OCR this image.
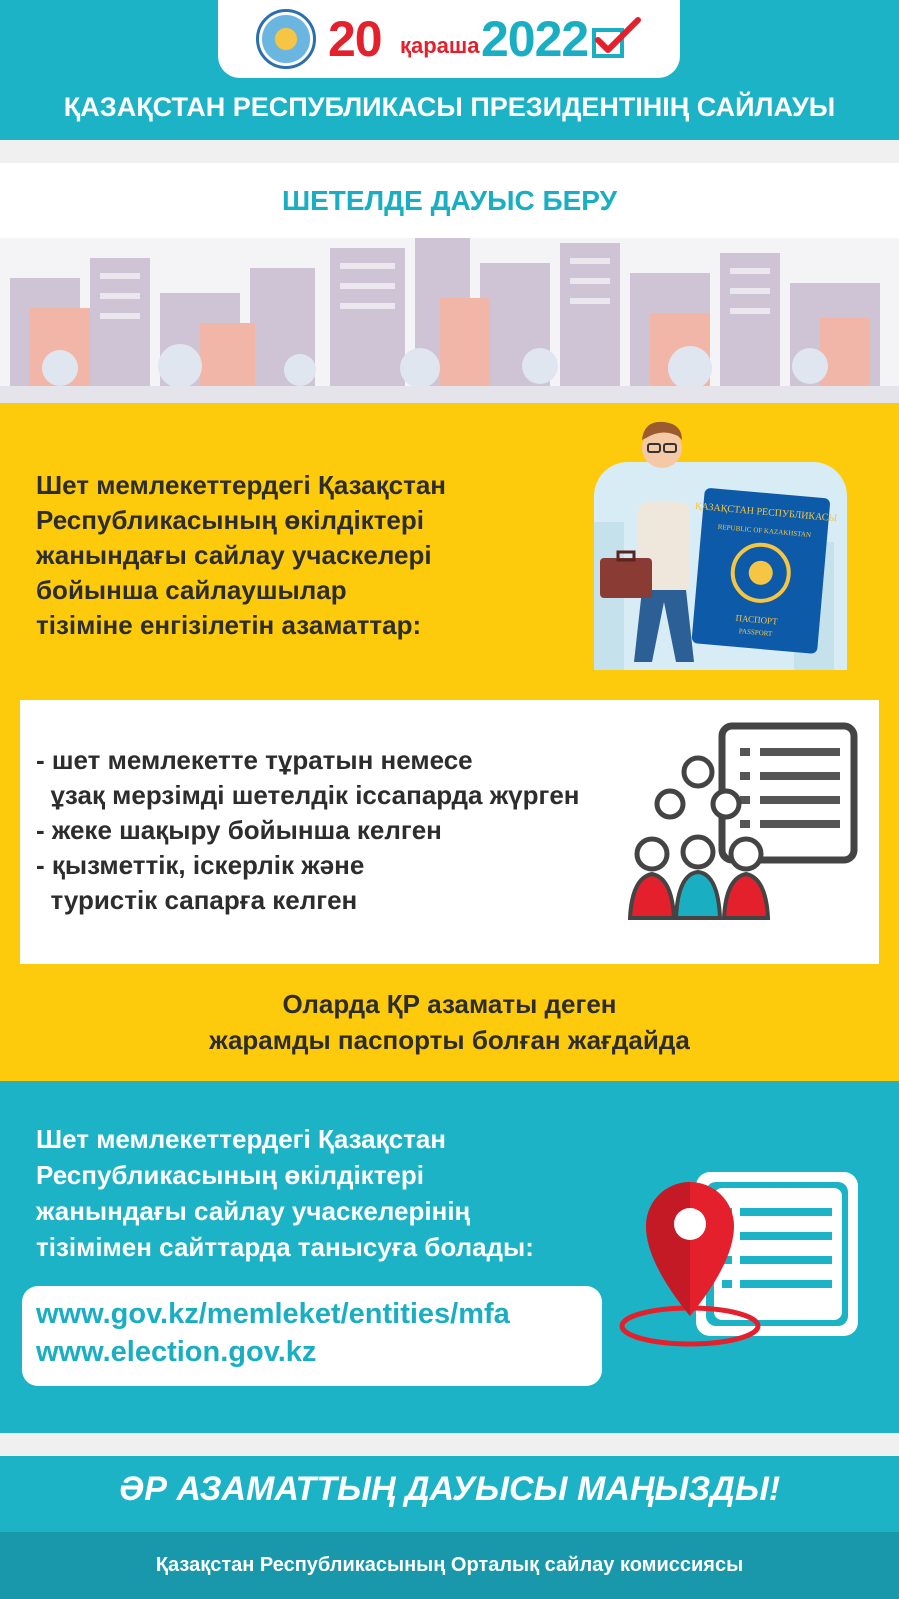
20 қараша 2022
ҚАЗАҚСТАН РЕСПУБЛИКАСЫ ПРЕЗИДЕНТІНІҢ САЙЛАУЫ
ШЕТЕЛДЕ ДАУЫС БЕРУ
Шет мемлекеттердегі Қазақстан
Республикасының өкілдіктері
жанындағы сайлау учаскелері
бойынша сайлаушылар
тізіміне енгізілетін азаматтар:
ҚАЗАҚСТАН РЕСПУБЛИКАСЫ
REPUBLIC OF KAZAKHSTAN
ПАСПОРТ
PASSPORT
- шет мемлекетте тұратын немесе
ұзақ мерзімді шетелдік іссапарда жүрген
- жеке шақыру бойынша келген
- қызметтік, іскерлік және
туристік сапарға келген
Оларда ҚР азаматы деген
жарамды паспорты болған жағдайда
Шет мемлекеттердегі Қазақстан
Республикасының өкілдіктері
жанындағы сайлау учаскелерінің
тізімімен сайттарда танысуға болады:
www.gov.kz/memleket/entities/mfa
www.election.gov.kz
ӘР АЗАМАТТЫҢ ДАУЫСЫ МАҢЫЗДЫ!
Қазақстан Республикасының Орталық сайлау комиссиясы
